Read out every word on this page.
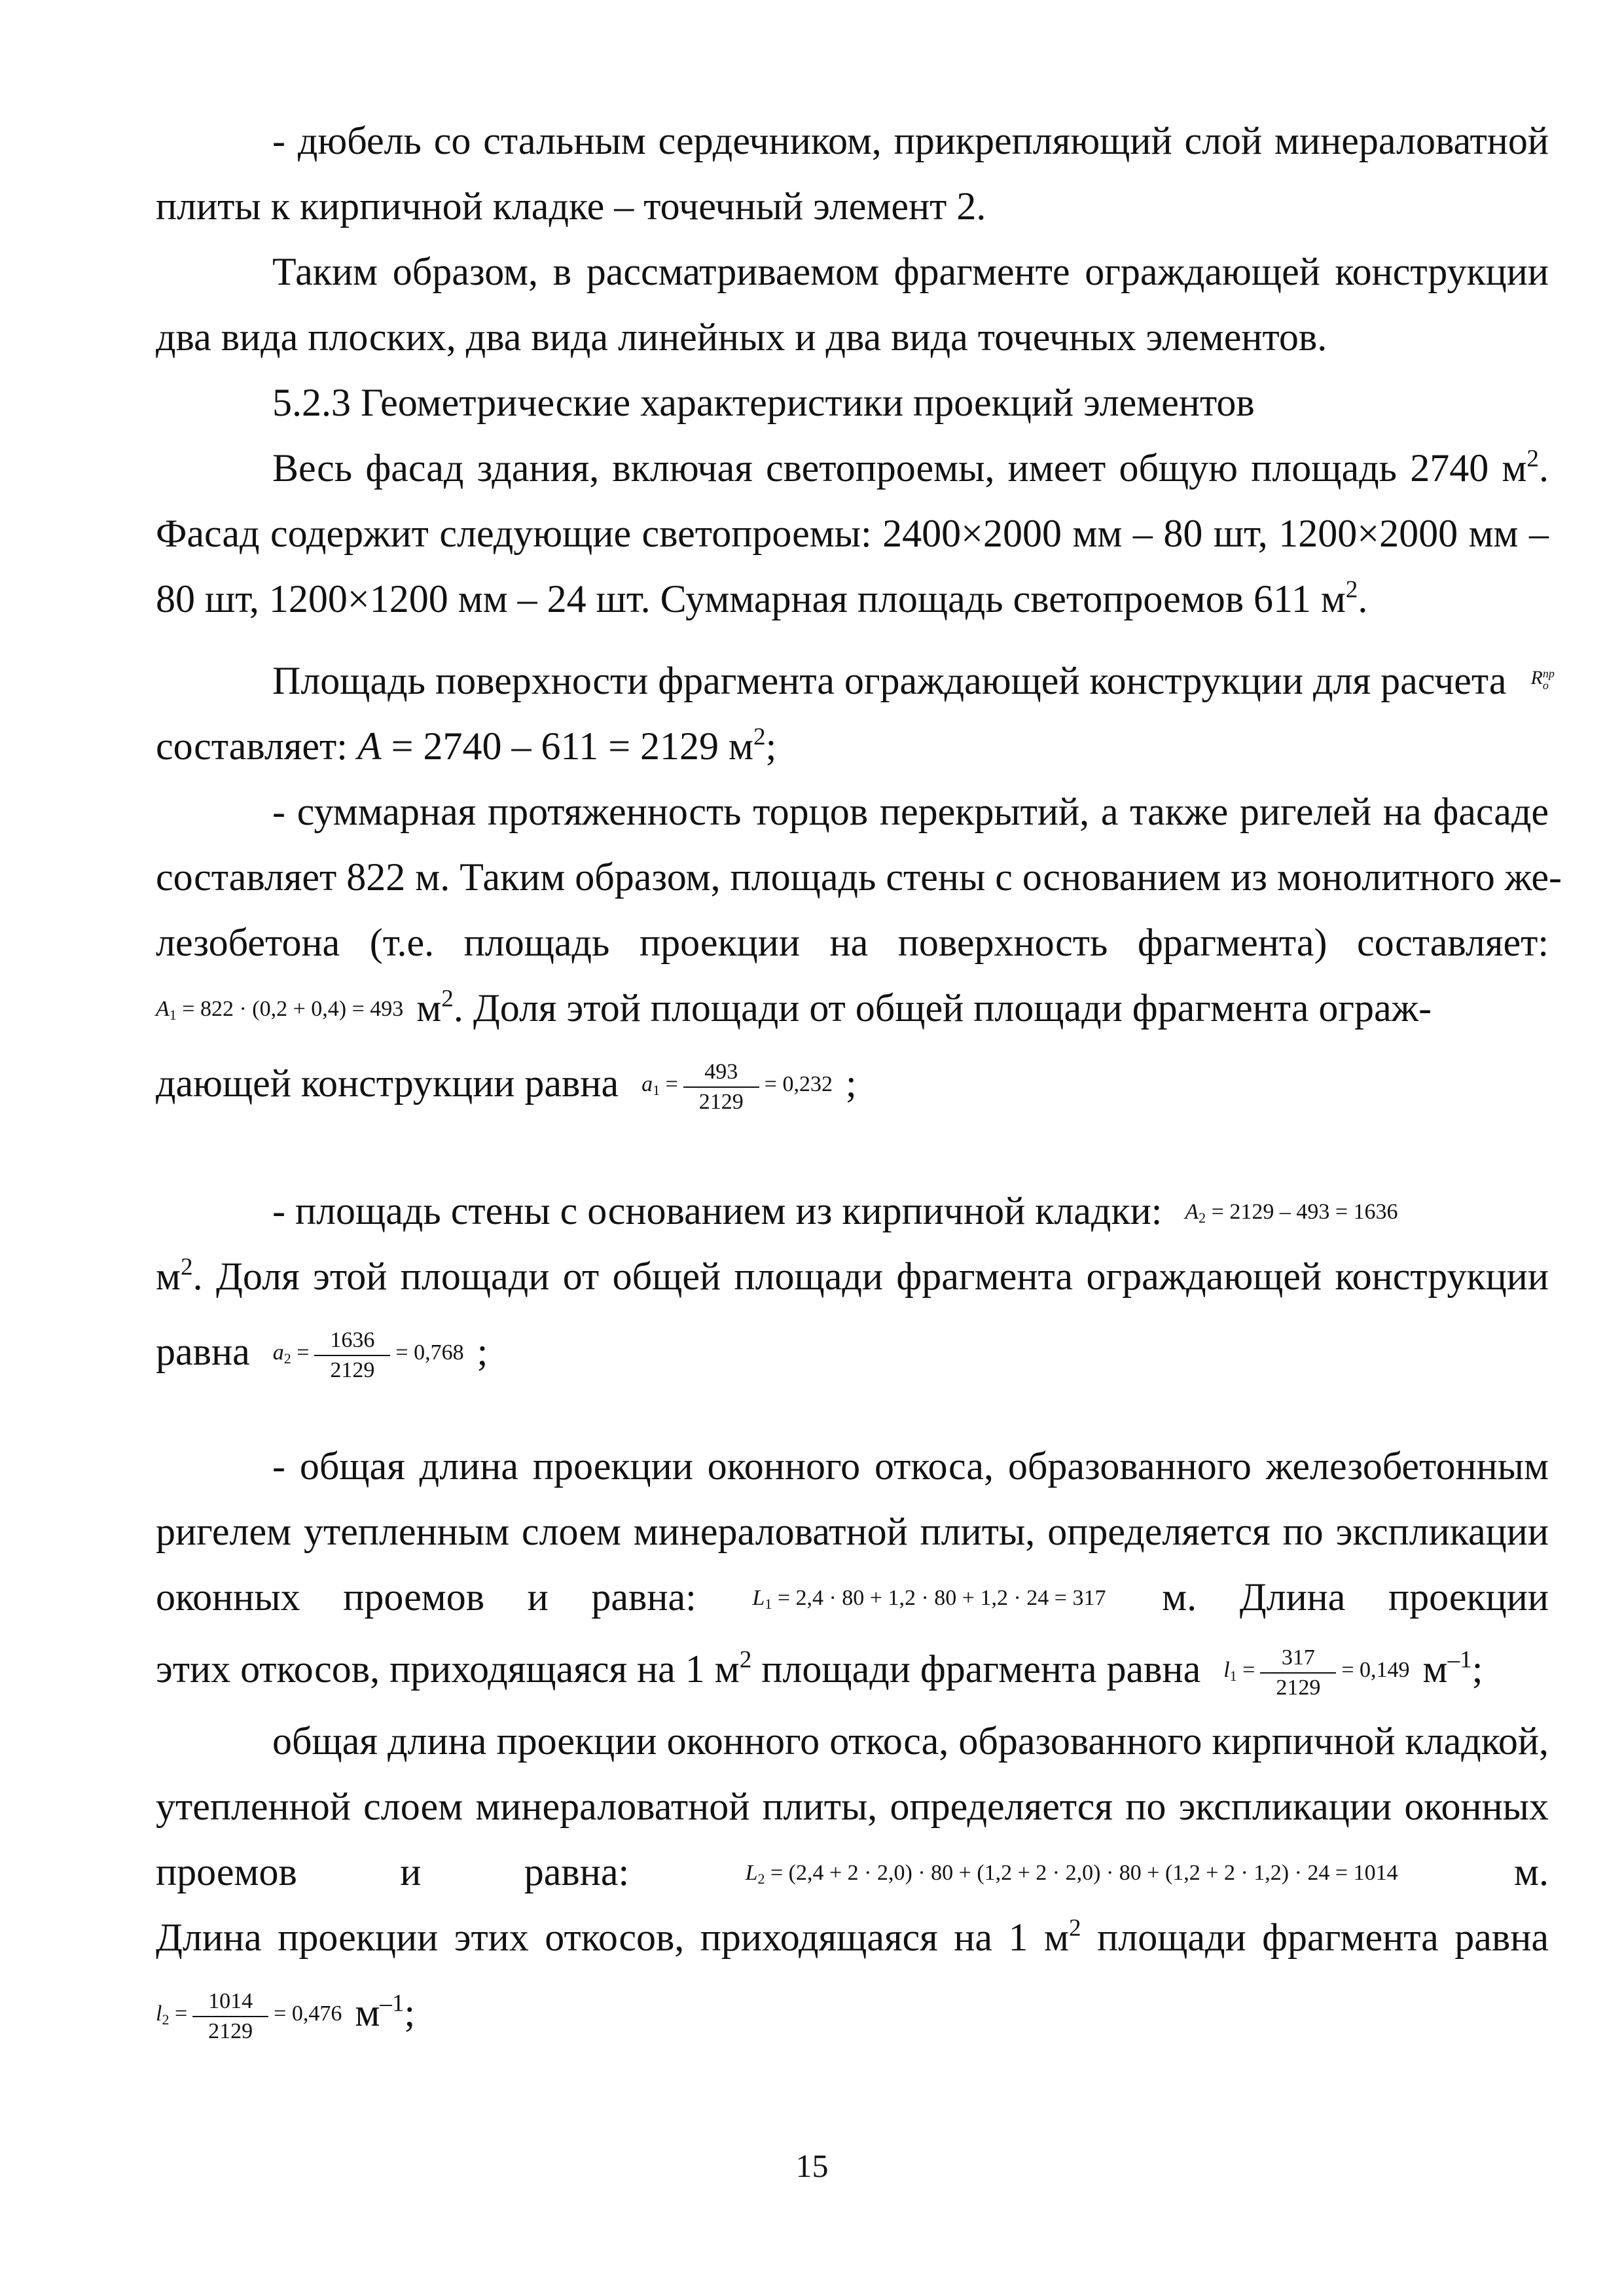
- дюбель со стальным сердечником, прикрепляющий слой минераловатной
плиты к кирпичной кладке – точечный элемент 2.
Таким образом, в рассматриваемом фрагменте ограждающей конструкции
два вида плоских, два вида линейных и два вида точечных элементов.
5.2.3 Геометрические характеристики проекций элементов
Весь фасад здания, включая светопроемы, имеет общую площадь 2740 $м^2$.
Фасад содержит следующие светопроемы: 2400×2000 мм – 80 шт, 1200×2000 мм –
80 шт, 1200×1200 мм – 24 шт. Суммарная площадь светопроемов 611 $м^2$.
Площадь поверхности фрагмента ограждающей конструкции для расчета Rпр
о
составляет: A = 2740 – 611 = 2129 $м^2$;
- суммарная протяженность торцов перекрытий, а также ригелей на фасаде
составляет 822 м. Таким образом, площадь стены с основанием из монолитного же-
лезобетона (т.е. площадь проекции на поверхность фрагмента) составляет:
$A_1 = 822 \cdot (0,2 + 0,4) = 493$ $м^2$. Доля этой площади от общей площади фрагмента ограж-
дающей конструкции равна $a_1 = \frac{493}{2129} = 0,232$ ;
- площадь стены с основанием из кирпичной кладки: $A_2 = 2129 - 493 = 1636$
$м^2$. Доля этой площади от общей площади фрагмента ограждающей конструкции
равна $a_2 = \frac{1636}{2129} = 0,768$ ;
- общая длина проекции оконного откоса, образованного железобетонным
ригелем утепленным слоем минераловатной плиты, определяется по экспликации
оконных проемов и равна:	$L_1 = 2,4 \cdot 80 + 1,2 \cdot 80 + 1,2 \cdot 24 = 317$ м. Длина проекции
этих откосов, приходящаяся на 1 $м^2$ площади фрагмента равна $l_1 = \frac{317}{2129} = 0,149$ $м^{-1}$;
общая длина проекции оконного откоса, образованного кирпичной кладкой,
утепленной слоем минераловатной плиты, определяется по экспликации оконных
проемов и равна:	$L_2 = (2,4 + 2 \cdot 2,0) \cdot 80 + (1,2 + 2 \cdot 2,0) \cdot 80 + (1,2 + 2 \cdot 1,2) \cdot 24 = 1014$	м.
Длина проекции этих откосов, приходящаяся на 1 $м^2$ площади фрагмента равна
$l_2 = \frac{1014}{2129} = 0,476$ $м^{-1}$;
15
